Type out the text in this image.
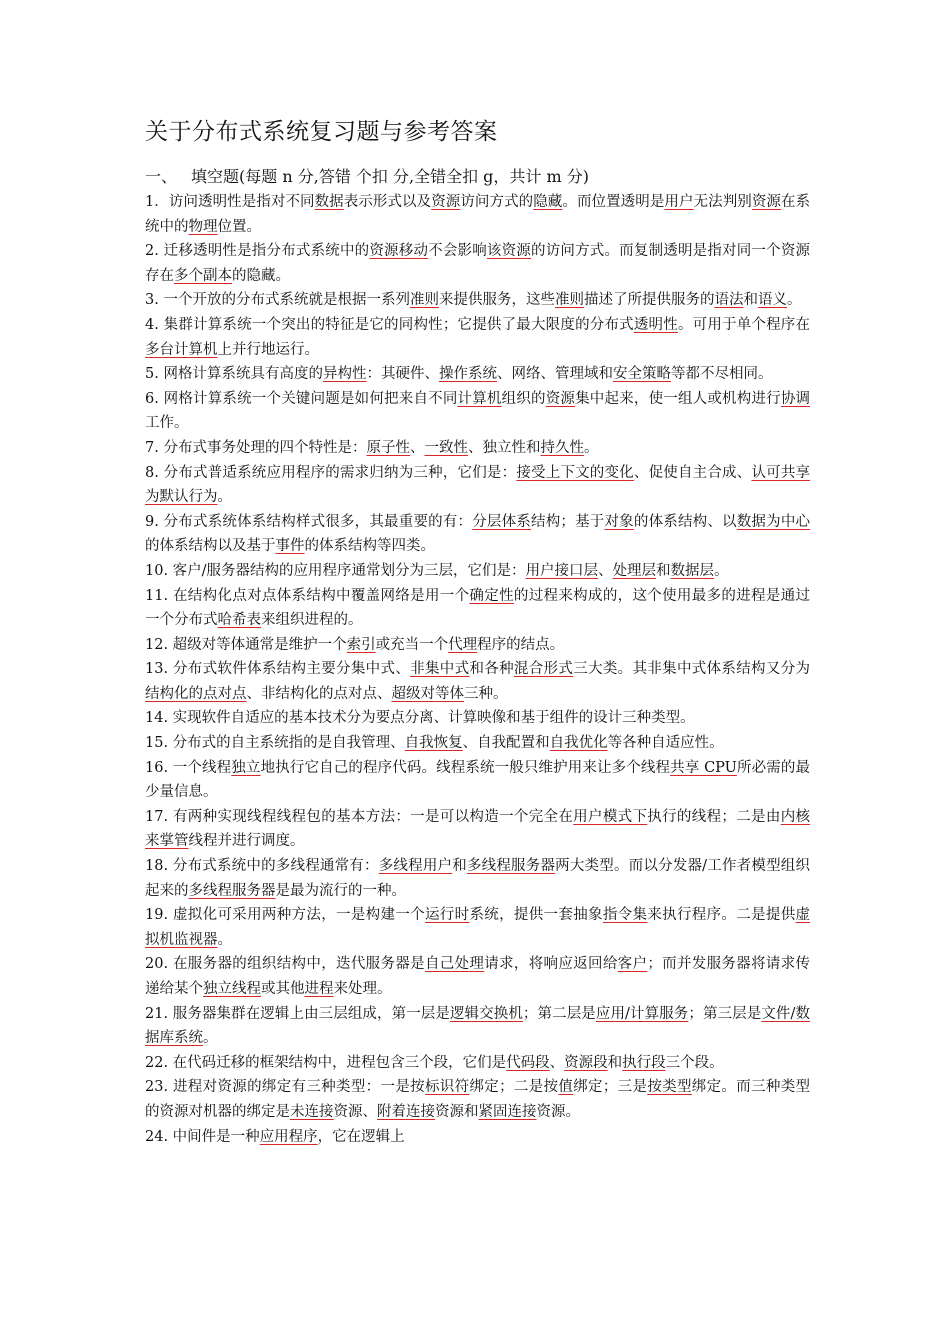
关于分布式系统复习题与参考答案
一、 填空题(每题 n 分,答错 个扣 分,全错全扣 g，共计 m 分)
1．访问透明性是指对不同数据表示形式以及资源访问方式的隐藏。而位置透明是用户无法判别资源在系统中的物理位置。
2. 迁移透明性是指分布式系统中的资源移动不会影响该资源的访问方式。而复制透明是指对同一个资源存在多个副本的隐藏。
3. 一个开放的分布式系统就是根据一系列准则来提供服务，这些准则描述了所提供服务的语法和语义。
4. 集群计算系统一个突出的特征是它的同构性；它提供了最大限度的分布式透明性。可用于单个程序在多台计算机上并行地运行。
5. 网格计算系统具有高度的异构性：其硬件、操作系统、网络、管理域和安全策略等都不尽相同。
6. 网格计算系统一个关键问题是如何把来自不同计算机组织的资源集中起来，使一组人或机构进行协调工作。
7. 分布式事务处理的四个特性是：原子性、一致性、独立性和持久性。
8. 分布式普适系统应用程序的需求归纳为三种，它们是：接受上下文的变化、促使自主合成、认可共享为默认行为。
9. 分布式系统体系结构样式很多，其最重要的有：分层体系结构；基于对象的体系结构、以数据为中心的体系结构以及基于事件的体系结构等四类。
10. 客户/服务器结构的应用程序通常划分为三层，它们是：用户接口层、处理层和数据层。
11. 在结构化点对点体系结构中覆盖网络是用一个确定性的过程来构成的，这个使用最多的进程是通过一个分布式哈希表来组织进程的。
12. 超级对等体通常是维护一个索引或充当一个代理程序的结点。
13. 分布式软件体系结构主要分集中式、非集中式和各种混合形式三大类。其非集中式体系结构又分为结构化的点对点、非结构化的点对点、超级对等体三种。
14. 实现软件自适应的基本技术分为要点分离、计算映像和基于组件的设计三种类型。
15. 分布式的自主系统指的是自我管理、自我恢复、自我配置和自我优化等各种自适应性。
16. 一个线程独立地执行它自己的程序代码。线程系统一般只维护用来让多个线程共享 CPU所必需的最少量信息。
17. 有两种实现线程线程包的基本方法：一是可以构造一个完全在用户模式下执行的线程；二是由内核来掌管线程并进行调度。
18. 分布式系统中的多线程通常有：多线程用户和多线程服务器两大类型。而以分发器/工作者模型组织起来的多线程服务器是最为流行的一种。
19. 虚拟化可采用两种方法，一是构建一个运行时系统，提供一套抽象指令集来执行程序。二是提供虚拟机监视器。
20. 在服务器的组织结构中，迭代服务器是自己处理请求，将响应返回给客户；而并发服务器将请求传递给某个独立线程或其他进程来处理。
21. 服务器集群在逻辑上由三层组成，第一层是逻辑交换机；第二层是应用/计算服务；第三层是文件/数据库系统。
22. 在代码迁移的框架结构中，进程包含三个段，它们是代码段、资源段和执行段三个段。
23. 进程对资源的绑定有三种类型：一是按标识符绑定；二是按值绑定；三是按类型绑定。而三种类型的资源对机器的绑定是未连接资源、附着连接资源和紧固连接资源。
24. 中间件是一种应用程序，它在逻辑上
